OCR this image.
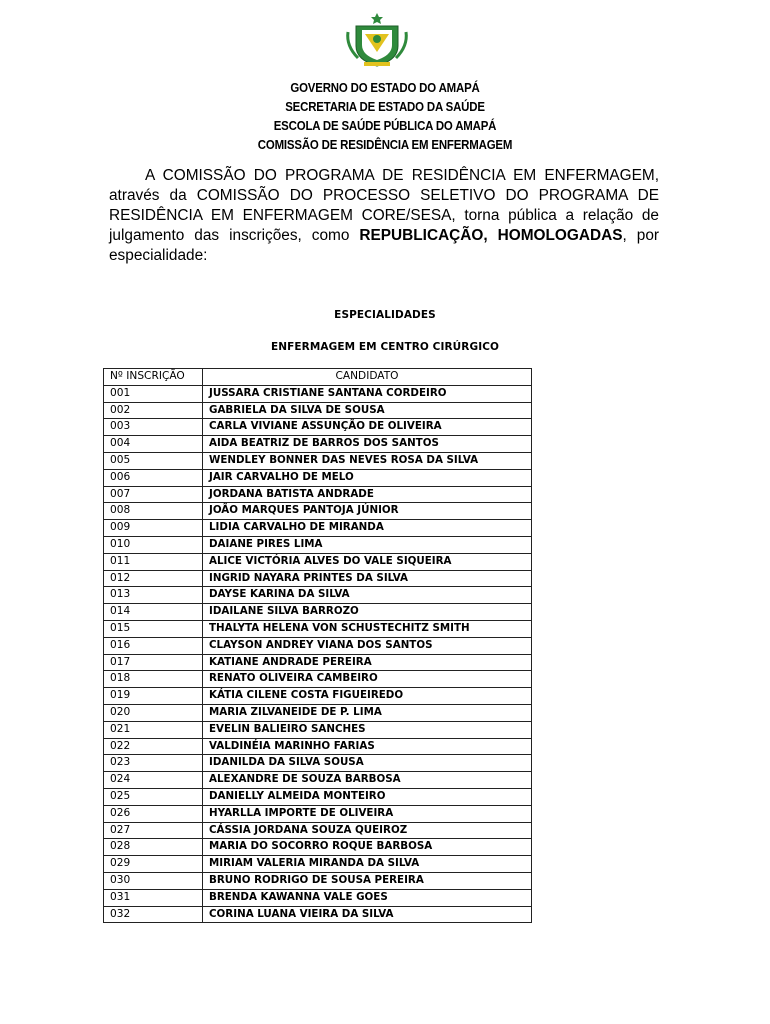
GOVERNO DO ESTADO DO AMAPÁ
SECRETARIA DE ESTADO DA SAÚDE
ESCOLA DE SAÚDE PÚBLICA DO AMAPÁ
COMISSÃO DE RESIDÊNCIA EM ENFERMAGEM
A COMISSÃO DO PROGRAMA DE RESIDÊNCIA EM ENFERMAGEM, através da COMISSÃO DO PROCESSO SELETIVO DO PROGRAMA DE RESIDÊNCIA EM ENFERMAGEM CORE/SESA, torna pública a relação de julgamento das inscrições, como REPUBLICAÇÃO, HOMOLOGADAS, por especialidade:
ESPECIALIDADES
ENFERMAGEM EM CENTRO CIRÚRGICO
Nº INSCRIÇÃO	CANDIDATO
001	JUSSARA CRISTIANE SANTANA CORDEIRO
002	GABRIELA DA SILVA DE SOUSA
003	CARLA VIVIANE ASSUNÇÃO DE OLIVEIRA
004	AIDA BEATRIZ DE BARROS DOS SANTOS
005	WENDLEY BONNER DAS NEVES ROSA DA SILVA
006	JAIR CARVALHO DE MELO
007	JORDANA BATISTA ANDRADE
008	JOÃO MARQUES PANTOJA JÚNIOR
009	LIDIA CARVALHO DE MIRANDA
010	DAIANE PIRES LIMA
011	ALICE VICTÓRIA ALVES DO VALE SIQUEIRA
012	INGRID NAYARA PRINTES DA SILVA
013	DAYSE KARINA DA SILVA
014	IDAILANE SILVA BARROZO
015	THALYTA HELENA VON SCHUSTECHITZ SMITH
016	CLAYSON ANDREY VIANA DOS SANTOS
017	KATIANE ANDRADE PEREIRA
018	RENATO OLIVEIRA CAMBEIRO
019	KÁTIA CILENE COSTA FIGUEIREDO
020	MARIA ZILVANEIDE DE P. LIMA
021	EVELIN BALIEIRO SANCHES
022	VALDINÉIA MARINHO FARIAS
023	IDANILDA DA SILVA SOUSA
024	ALEXANDRE DE SOUZA BARBOSA
025	DANIELLY ALMEIDA MONTEIRO
026	HYARLLA IMPORTE DE OLIVEIRA
027	CÁSSIA JORDANA SOUZA QUEIROZ
028	MARIA DO SOCORRO ROQUE BARBOSA
029	MIRIAM VALERIA MIRANDA DA SILVA
030	BRUNO RODRIGO DE SOUSA PEREIRA
031	BRENDA KAWANNA VALE GOES
032	CORINA LUANA VIEIRA DA SILVA
